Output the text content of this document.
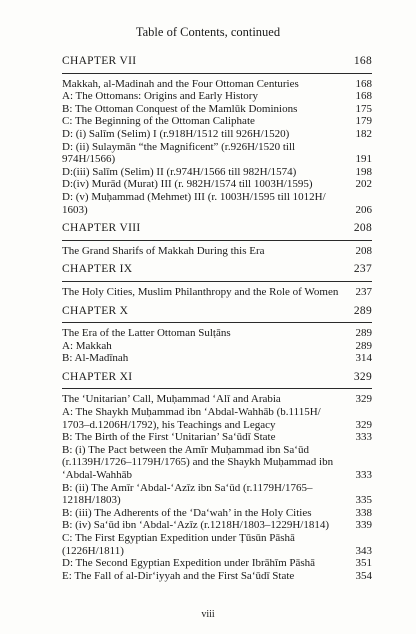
Table of Contents, continued
CHAPTER VII	168
Makkah, al-Madinah and the Four Ottoman Centuries	168
A: The Ottomans: Origins and Early History	168
B: The Ottoman Conquest of the Mamlūk Dominions	175
C: The Beginning of the Ottoman Caliphate	179
D: (i) Salīm (Selim) I (r.918H/1512 till 926H/1520)	182
D: (ii) Sulaymān “the Magnificent” (r.926H/1520 till 974H/1566)	191
D:(iii) Salīm (Selim) II (r.974H/1566 till 982H/1574)	198
D:(iv) Murād (Murat) III (r. 982H/1574 till 1003H/1595)	202
D: (v) Muḥammad (Mehmet) III (r. 1003H/1595 till 1012H/ 1603)	206
CHAPTER VIII	208
The Grand Sharifs of Makkah During this Era	208
CHAPTER IX	237
The Holy Cities, Muslim Philanthropy and the Role of Women	237
CHAPTER X	289
The Era of the Latter Ottoman Sulṭāns	289
A: Makkah	289
B: Al-Madīnah	314
CHAPTER XI	329
The ‘Unitarian’ Call, Muḥammad ‘Alī and Arabia	329
A: The Shaykh Muḥammad ibn ‘Abdal-Wahhāb (b.1115H/ 1703–d.1206H/1792), his Teachings and Legacy	329
B: The Birth of the First ‘Unitarian’ Sa‘ūdī State	333
B: (i) The Pact between the Amīr Muḥammad ibn Sa‘ūd (r.1139H/1726–1179H/1765) and the Shaykh Muḥammad ibn ‘Abdal-Wahhāb	333
B: (ii) The Amīr ‘Abdal-‘Azīz ibn Sa‘ūd (r.1179H/1765– 1218H/1803)	335
B: (iii) The Adherents of the ‘Da‘wah’ in the Holy Cities	338
B: (iv) Sa‘ūd ibn ‘Abdal-‘Azīz (r.1218H/1803–1229H/1814)	339
C: The First Egyptian Expedition under Ṭūsūn Pāshā (1226H/1811)	343
D: The Second Egyptian Expedition under Ibrāhīm Pāshā	351
E: The Fall of al-Dir‘iyyah and the First Sa‘ūdī State	354
viii
